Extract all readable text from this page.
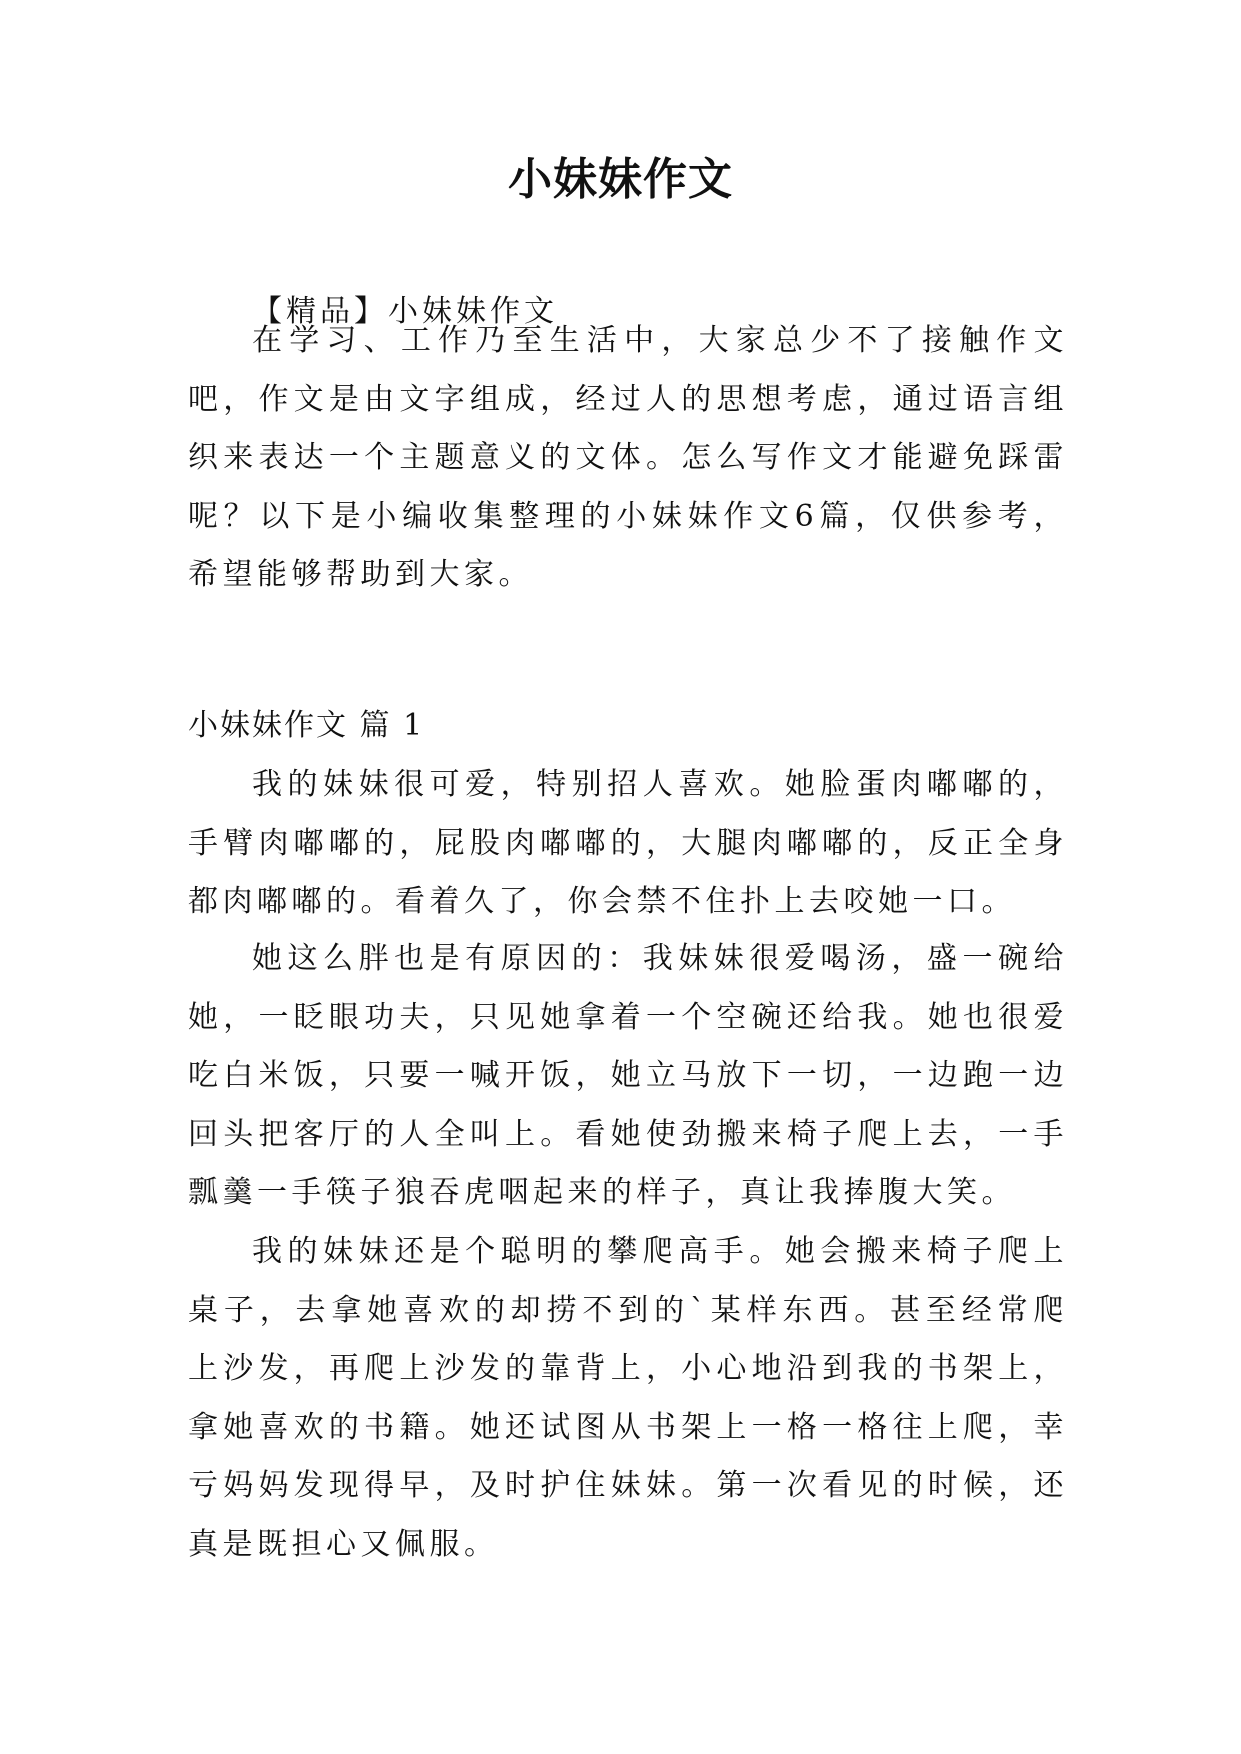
小妹妹作文
【精品】小妹妹作文

在学习、工作乃至生活中，大家总少不了接触作文吧，作文是由文字组成，经过人的思想考虑，通过语言组织来表达一个主题意义的文体。怎么写作文才能避免踩雷呢？以下是小编收集整理的小妹妹作文6篇，仅供参考，希望能够帮助到大家。

小妹妹作文 篇 1

我的妹妹很可爱，特别招人喜欢。她脸蛋肉嘟嘟的，手臂肉嘟嘟的，屁股肉嘟嘟的，大腿肉嘟嘟的，反正全身都肉嘟嘟的。看着久了，你会禁不住扑上去咬她一口。

她这么胖也是有原因的：我妹妹很爱喝汤，盛一碗给她，一眨眼功夫，只见她拿着一个空碗还给我。她也很爱吃白米饭，只要一喊开饭，她立马放下一切，一边跑一边回头把客厅的人全叫上。看她使劲搬来椅子爬上去，一手瓢羹一手筷子狼吞虎咽起来的样子，真让我捧腹大笑。

我的妹妹还是个聪明的攀爬高手。她会搬来椅子爬上桌子，去拿她喜欢的却捞不到的`某样东西。甚至经常爬上沙发，再爬上沙发的靠背上，小心地沿到我的书架上，拿她喜欢的书籍。她还试图从书架上一格一格往上爬，幸亏妈妈发现得早，及时护住妹妹。第一次看见的时候，还真是既担心又佩服。
